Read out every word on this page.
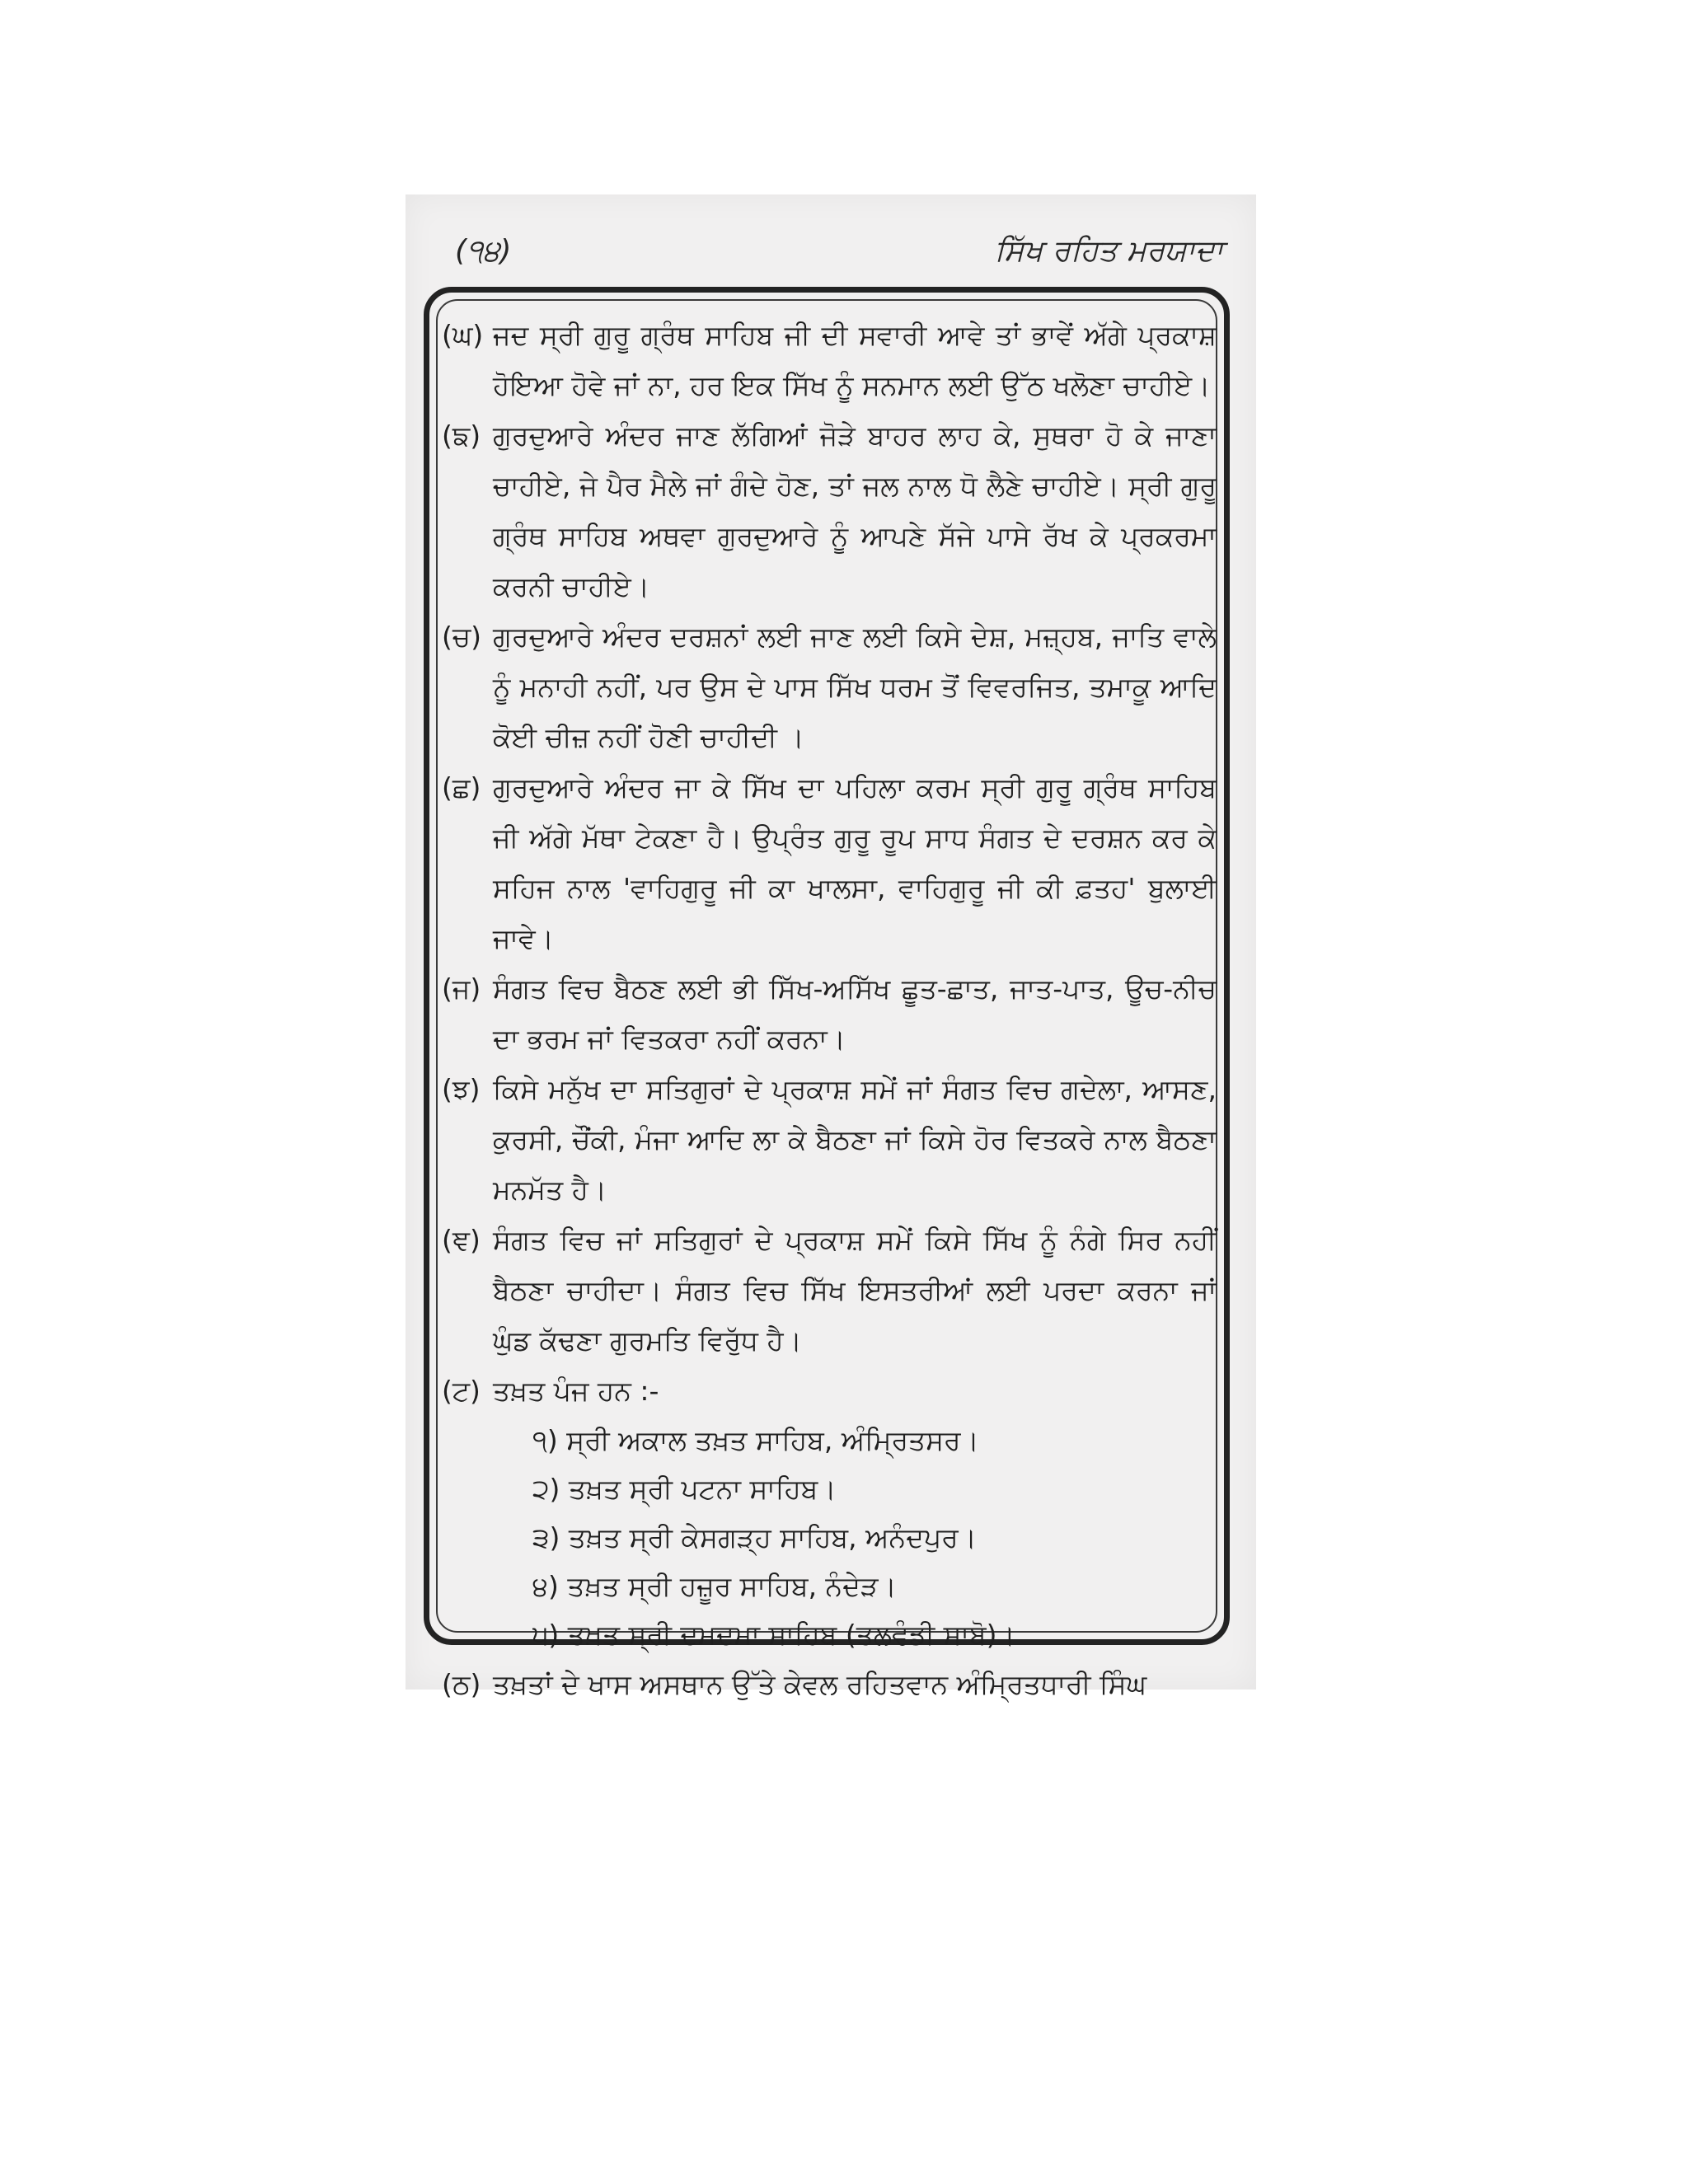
(੧੪)	ਸਿੱਖ ਰਹਿਤ ਮਰਯਾਦਾ
(ਘ) ਜਦ ਸ੍ਰੀ ਗੁਰੂ ਗ੍ਰੰਥ ਸਾਹਿਬ ਜੀ ਦੀ ਸਵਾਰੀ ਆਵੇ ਤਾਂ ਭਾਵੇਂ ਅੱਗੇ ਪ੍ਰਕਾਸ਼ ਹੋਇਆ ਹੋਵੇ ਜਾਂ ਨਾ, ਹਰ ਇਕ ਸਿੱਖ ਨੂੰ ਸਨਮਾਨ ਲਈ ਉੱਠ ਖਲੋਣਾ ਚਾਹੀਏ।
(ਙ) ਗੁਰਦੁਆਰੇ ਅੰਦਰ ਜਾਣ ਲੱਗਿਆਂ ਜੋੜੇ ਬਾਹਰ ਲਾਹ ਕੇ, ਸੁਥਰਾ ਹੋ ਕੇ ਜਾਣਾ ਚਾਹੀਏ, ਜੇ ਪੈਰ ਮੈਲੇ ਜਾਂ ਗੰਦੇ ਹੋਣ, ਤਾਂ ਜਲ ਨਾਲ ਧੋ ਲੈਣੇ ਚਾਹੀਏ। ਸ੍ਰੀ ਗੁਰੂ ਗ੍ਰੰਥ ਸਾਹਿਬ ਅਥਵਾ ਗੁਰਦੁਆਰੇ ਨੂੰ ਆਪਣੇ ਸੱਜੇ ਪਾਸੇ ਰੱਖ ਕੇ ਪ੍ਰਕਰਮਾ ਕਰਨੀ ਚਾਹੀਏ।
(ਚ) ਗੁਰਦੁਆਰੇ ਅੰਦਰ ਦਰਸ਼ਨਾਂ ਲਈ ਜਾਣ ਲਈ ਕਿਸੇ ਦੇਸ਼, ਮਜ਼੍ਹਬ, ਜਾਤਿ ਵਾਲੇ ਨੂੰ ਮਨਾਹੀ ਨਹੀਂ, ਪਰ ਉਸ ਦੇ ਪਾਸ ਸਿੱਖ ਧਰਮ ਤੋਂ ਵਿਵਰਜਿਤ, ਤਮਾਕੂ ਆਦਿ ਕੋਈ ਚੀਜ਼ ਨਹੀਂ ਹੋਣੀ ਚਾਹੀਦੀ ।
(ਛ) ਗੁਰਦੁਆਰੇ ਅੰਦਰ ਜਾ ਕੇ ਸਿੱਖ ਦਾ ਪਹਿਲਾ ਕਰਮ ਸ੍ਰੀ ਗੁਰੂ ਗ੍ਰੰਥ ਸਾਹਿਬ ਜੀ ਅੱਗੇ ਮੱਥਾ ਟੇਕਣਾ ਹੈ। ਉਪ੍ਰੰਤ ਗੁਰੂ ਰੂਪ ਸਾਧ ਸੰਗਤ ਦੇ ਦਰਸ਼ਨ ਕਰ ਕੇ ਸਹਿਜ ਨਾਲ 'ਵਾਹਿਗੁਰੂ ਜੀ ਕਾ ਖਾਲਸਾ, ਵਾਹਿਗੁਰੂ ਜੀ ਕੀ ਫ਼ਤਹ' ਬੁਲਾਈ ਜਾਵੇ।
(ਜ) ਸੰਗਤ ਵਿਚ ਬੈਠਣ ਲਈ ਭੀ ਸਿੱਖ-ਅਸਿੱਖ ਛੂਤ-ਛਾਤ, ਜਾਤ-ਪਾਤ, ਊਚ-ਨੀਚ ਦਾ ਭਰਮ ਜਾਂ ਵਿਤਕਰਾ ਨਹੀਂ ਕਰਨਾ।
(ਝ) ਕਿਸੇ ਮਨੁੱਖ ਦਾ ਸਤਿਗੁਰਾਂ ਦੇ ਪ੍ਰਕਾਸ਼ ਸਮੇਂ ਜਾਂ ਸੰਗਤ ਵਿਚ ਗਦੇਲਾ, ਆਸਣ, ਕੁਰਸੀ, ਚੌਂਕੀ, ਮੰਜਾ ਆਦਿ ਲਾ ਕੇ ਬੈਠਣਾ ਜਾਂ ਕਿਸੇ ਹੋਰ ਵਿਤਕਰੇ ਨਾਲ ਬੈਠਣਾ ਮਨਮੱਤ ਹੈ।
(ਞ) ਸੰਗਤ ਵਿਚ ਜਾਂ ਸਤਿਗੁਰਾਂ ਦੇ ਪ੍ਰਕਾਸ਼ ਸਮੇਂ ਕਿਸੇ ਸਿੱਖ ਨੂੰ ਨੰਗੇ ਸਿਰ ਨਹੀਂ ਬੈਠਣਾ ਚਾਹੀਦਾ। ਸੰਗਤ ਵਿਚ ਸਿੱਖ ਇਸਤਰੀਆਂ ਲਈ ਪਰਦਾ ਕਰਨਾ ਜਾਂ ਘੁੰਡ ਕੱਢਣਾ ਗੁਰਮਤਿ ਵਿਰੁੱਧ ਹੈ।
(ਟ) ਤਖ਼ਤ ਪੰਜ ਹਨ :-
੧) ਸ੍ਰੀ ਅਕਾਲ ਤਖ਼ਤ ਸਾਹਿਬ, ਅੰਮ੍ਰਿਤਸਰ।
੨) ਤਖ਼ਤ ਸ੍ਰੀ ਪਟਨਾ ਸਾਹਿਬ।
੩) ਤਖ਼ਤ ਸ੍ਰੀ ਕੇਸਗੜ੍ਹ ਸਾਹਿਬ, ਅਨੰਦਪੁਰ।
੪) ਤਖ਼ਤ ਸ੍ਰੀ ਹਜ਼ੂਰ ਸਾਹਿਬ, ਨੰਦੇੜ।
੫) ਤਖ਼ਤ ਸ੍ਰੀ ਦਮਦਮਾ ਸਾਹਿਬ (ਤਲਵੰਡੀ ਸਾਬੋ)।
(ਠ) ਤਖ਼ਤਾਂ ਦੇ ਖਾਸ ਅਸਥਾਨ ਉੱਤੇ ਕੇਵਲ ਰਹਿਤਵਾਨ ਅੰਮ੍ਰਿਤਧਾਰੀ ਸਿੰਘ
